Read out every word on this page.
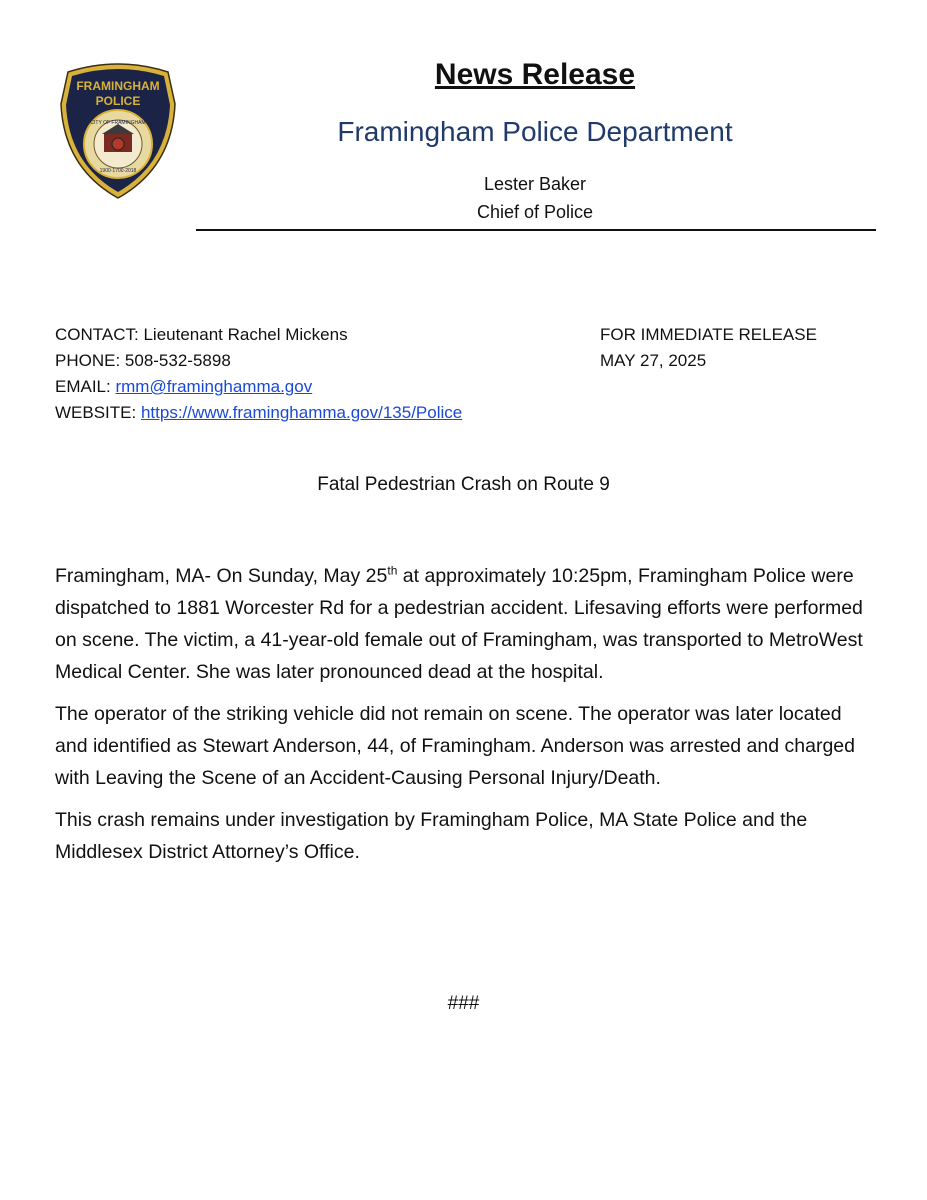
FRAMINGHAM
POLICE
CITY OF FRAMINGHAM
1900·1700·2018
News Release
Framingham Police Department
Lester Baker
Chief of Police
CONTACT: Lieutenant Rachel Mickens
PHONE: 508-532-5898
EMAIL: rmm@framinghamma.gov
WEBSITE: https://www.framinghamma.gov/135/Police
FOR IMMEDIATE RELEASE
MAY 27, 2025
Fatal Pedestrian Crash on Route 9

Framingham, MA- On Sunday, May 25th at approximately 10:25pm, Framingham Police were dispatched to 1881 Worcester Rd for a pedestrian accident. Lifesaving efforts were performed on scene. The victim, a 41-year-old female out of Framingham, was transported to MetroWest Medical Center. She was later pronounced dead at the hospital.

The operator of the striking vehicle did not remain on scene. The operator was later located and identified as Stewart Anderson, 44, of Framingham. Anderson was arrested and charged with Leaving the Scene of an Accident-Causing Personal Injury/Death.

This crash remains under investigation by Framingham Police, MA State Police and the Middlesex District Attorney’s Office.

###
